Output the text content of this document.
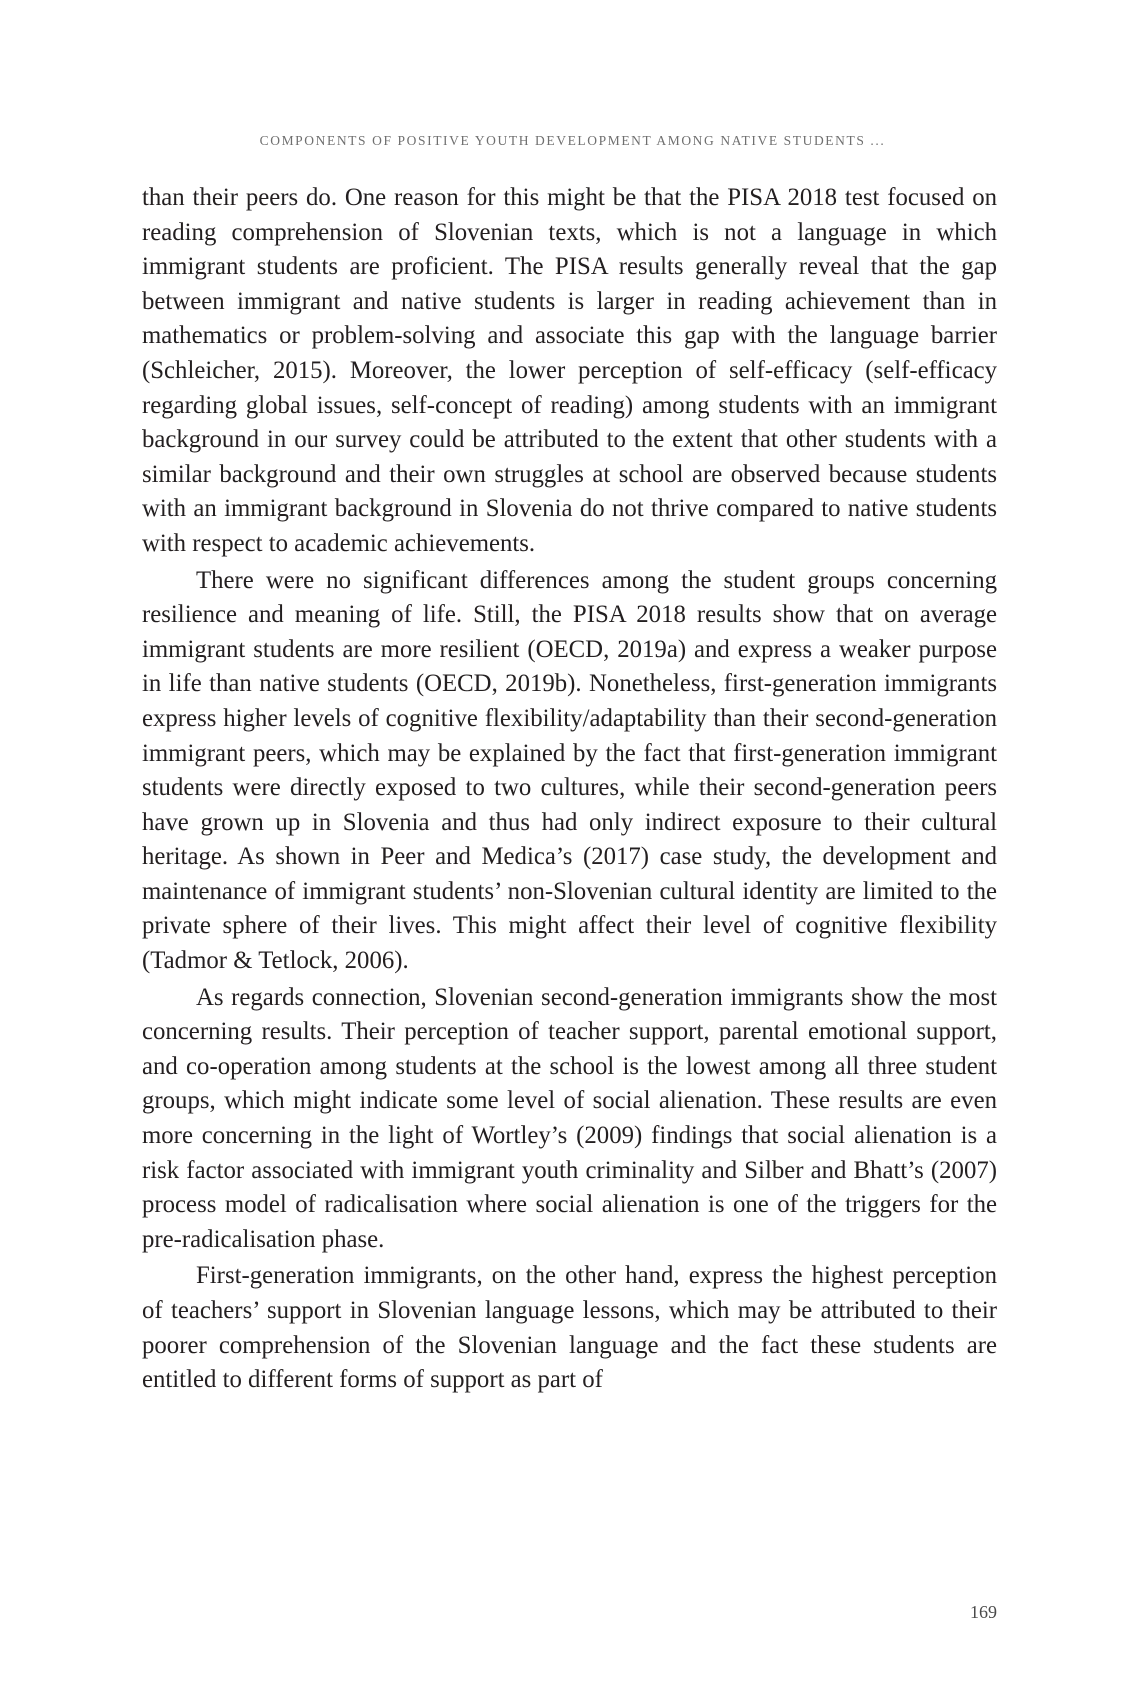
COMPONENTS OF POSITIVE YOUTH DEVELOPMENT AMONG NATIVE STUDENTS ...

than their peers do. One reason for this might be that the PISA 2018 test focused on reading comprehension of Slovenian texts, which is not a language in which immigrant students are proficient. The PISA results generally reveal that the gap between immigrant and native students is larger in reading achievement than in mathematics or problem-solving and associate this gap with the language barrier (Schleicher, 2015). Moreover, the lower perception of self-efficacy (self-efficacy regarding global issues, self-concept of reading) among students with an immigrant background in our survey could be attributed to the extent that other students with a similar background and their own struggles at school are observed because students with an immigrant background in Slovenia do not thrive compared to native students with respect to academic achievements.

There were no significant differences among the student groups concerning resilience and meaning of life. Still, the PISA 2018 results show that on average immigrant students are more resilient (OECD, 2019a) and express a weaker purpose in life than native students (OECD, 2019b). Nonetheless, first-generation immigrants express higher levels of cognitive flexibility/adaptability than their second-generation immigrant peers, which may be explained by the fact that first-generation immigrant students were directly exposed to two cultures, while their second-generation peers have grown up in Slovenia and thus had only indirect exposure to their cultural heritage. As shown in Peer and Medica’s (2017) case study, the development and maintenance of immigrant students’ non-Slovenian cultural identity are limited to the private sphere of their lives. This might affect their level of cognitive flexibility (Tadmor & Tetlock, 2006).

As regards connection, Slovenian second-generation immigrants show the most concerning results. Their perception of teacher support, parental emotional support, and co-operation among students at the school is the lowest among all three student groups, which might indicate some level of social alienation. These results are even more concerning in the light of Wortley’s (2009) findings that social alienation is a risk factor associated with immigrant youth criminality and Silber and Bhatt’s (2007) process model of radicalisation where social alienation is one of the triggers for the pre-radicalisation phase.

First-generation immigrants, on the other hand, express the highest perception of teachers’ support in Slovenian language lessons, which may be attributed to their poorer comprehension of the Slovenian language and the fact these students are entitled to different forms of support as part of

169
